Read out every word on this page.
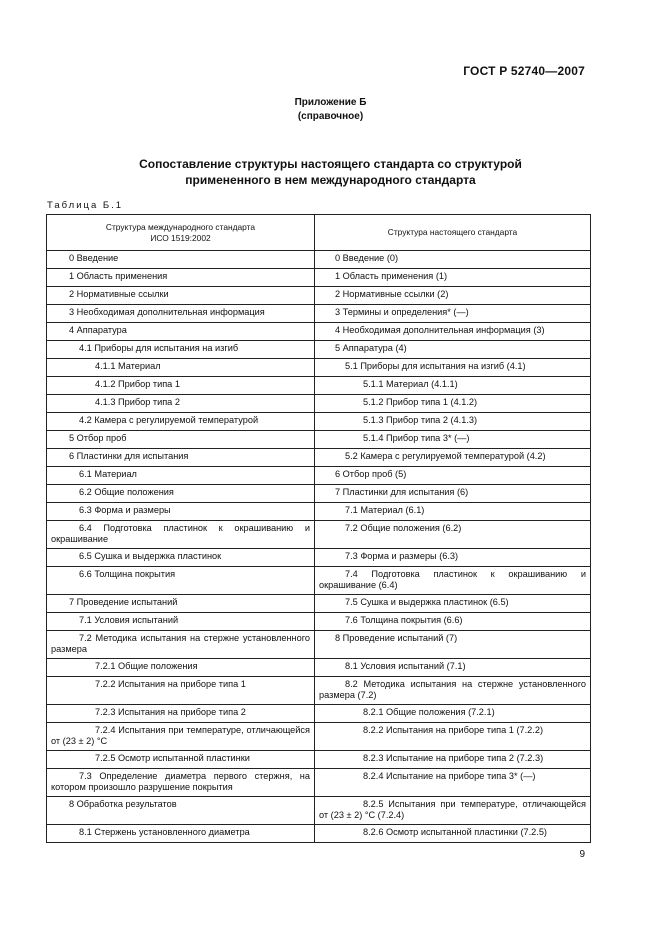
ГОСТ Р 52740—2007
Приложение Б
(справочное)
Сопоставление структуры настоящего стандарта со структурой
примененного в нем международного стандарта
Таблица Б.1
Структура международного стандарта
ИСО 1519:2002	Структура настоящего стандарта
0 Введение	0 Введение (0)
1 Область применения	1 Область применения (1)
2 Нормативные ссылки	2 Нормативные ссылки (2)
3 Необходимая дополнительная информация	3 Термины и определения* (—)
4 Аппаратура	4 Необходимая дополнительная информация (3)
4.1 Приборы для испытания на изгиб	5 Аппаратура (4)
4.1.1 Материал	5.1 Приборы для испытания на изгиб (4.1)
4.1.2 Прибор типа 1	5.1.1 Материал (4.1.1)
4.1.3 Прибор типа 2	5.1.2 Прибор типа 1 (4.1.2)
4.2 Камера с регулируемой температурой	5.1.3 Прибор типа 2 (4.1.3)
5 Отбор проб	5.1.4 Прибор типа 3* (—)
6 Пластинки для испытания	5.2 Камера с регулируемой температурой (4.2)
6.1 Материал	6 Отбор проб (5)
6.2 Общие положения	7 Пластинки для испытания (6)
6.3 Форма и размеры	7.1 Материал (6.1)
6.4 Подготовка пластинок к окрашиванию и окрашивание	7.2 Общие положения (6.2)
6.5 Сушка и выдержка пластинок	7.3 Форма и размеры (6.3)
6.6 Толщина покрытия	7.4 Подготовка пластинок к окрашиванию и окрашивание (6.4)
7 Проведение испытаний	7.5 Сушка и выдержка пластинок (6.5)
7.1 Условия испытаний	7.6 Толщина покрытия (6.6)
7.2 Методика испытания на стержне установленного размера	8 Проведение испытаний (7)
7.2.1 Общие положения	8.1 Условия испытаний (7.1)
7.2.2 Испытания на приборе типа 1	8.2 Методика испытания на стержне установленного размера (7.2)
7.2.3 Испытания на приборе типа 2	8.2.1 Общие положения (7.2.1)
7.2.4 Испытания при температуре, отличающейся от (23 ± 2) °С	8.2.2 Испытания на приборе типа 1 (7.2.2)
7.2.5 Осмотр испытанной пластинки	8.2.3 Испытание на приборе типа 2 (7.2.3)
7.3 Определение диаметра первого стержня, на котором произошло разрушение покрытия	8.2.4 Испытание на приборе типа 3* (—)
8 Обработка результатов	8.2.5 Испытания при температуре, отличающейся от (23 ± 2) °С (7.2.4)
8.1 Стержень установленного диаметра	8.2.6 Осмотр испытанной пластинки (7.2.5)
9
